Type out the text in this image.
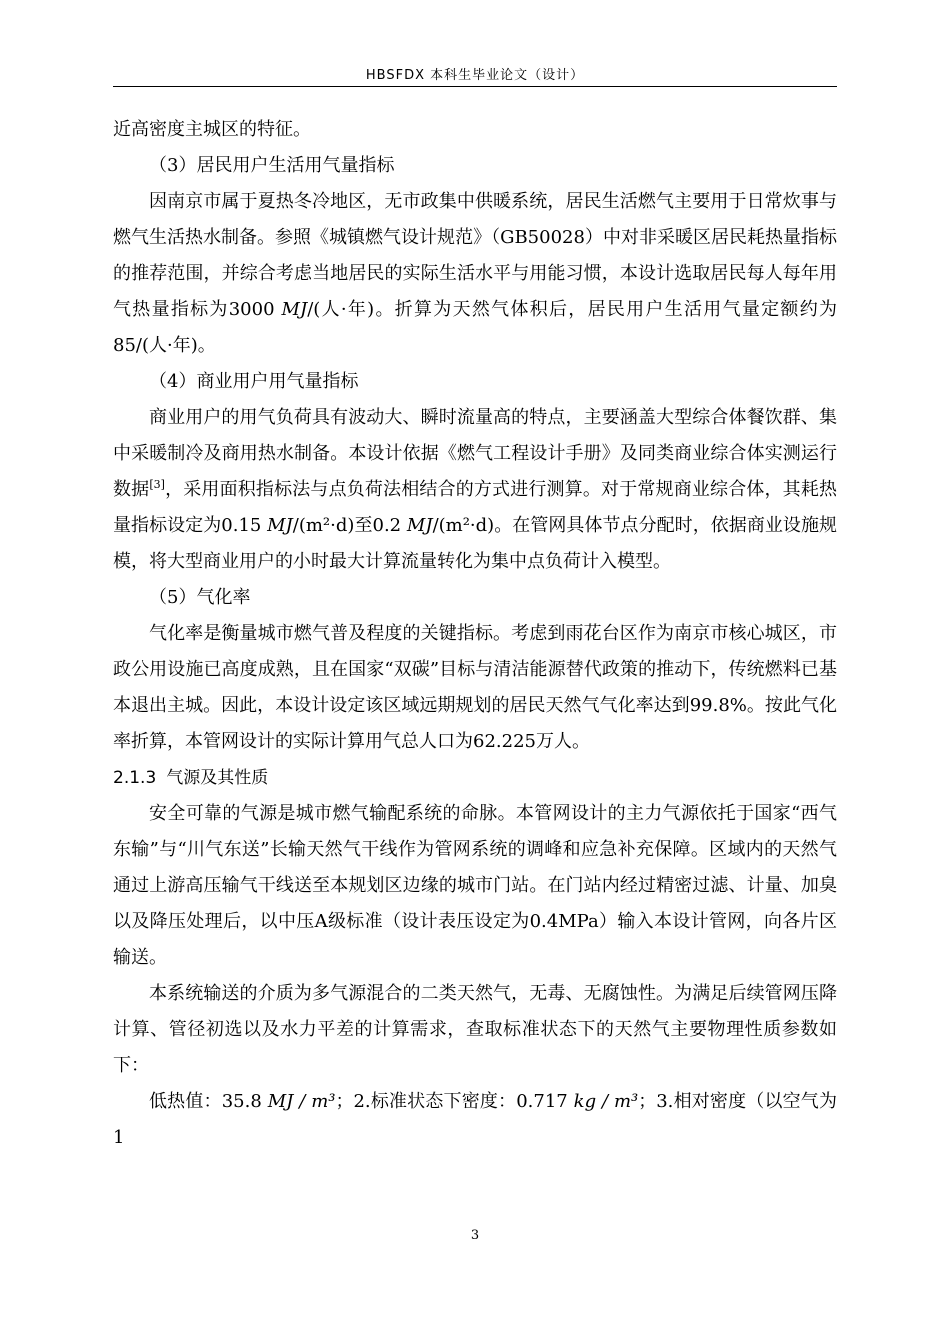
HBSFDX 本科生毕业论文（设计）

近高密度主城区的特征。

（3）居民用户生活用气量指标

因南京市属于夏热冬冷地区，无市政集中供暖系统，居民生活燃气主要用于日常炊事与燃气生活热水制备。参照《城镇燃气设计规范》（GB50028）中对非采暖区居民耗热量指标的推荐范围，并综合考虑当地居民的实际生活水平与用能习惯，本设计选取居民每人每年用气热量指标为3000 MJ/(人·年)。折算为天然气体积后，居民用户生活用气量定额约为85/(人·年)。

（4）商业用户用气量指标

商业用户的用气负荷具有波动大、瞬时流量高的特点，主要涵盖大型综合体餐饮群、集中采暖制冷及商用热水制备。本设计依据《燃气工程设计手册》及同类商业综合体实测运行数据[3]，采用面积指标法与点负荷法相结合的方式进行测算。对于常规商业综合体，其耗热量指标设定为0.15 MJ/(m²·d)至0.2 MJ/(m²·d)。在管网具体节点分配时，依据商业设施规模，将大型商业用户的小时最大计算流量转化为集中点负荷计入模型。

（5）气化率

气化率是衡量城市燃气普及程度的关键指标。考虑到雨花台区作为南京市核心城区，市政公用设施已高度成熟，且在国家“双碳”目标与清洁能源替代政策的推动下，传统燃料已基本退出主城。因此，本设计设定该区域远期规划的居民天然气气化率达到99.8%。按此气化率折算，本管网设计的实际计算用气总人口为62.225万人。

2.1.3 气源及其性质

安全可靠的气源是城市燃气输配系统的命脉。本管网设计的主力气源依托于国家“西气东输”与“川气东送”长输天然气干线作为管网系统的调峰和应急补充保障。区域内的天然气通过上游高压输气干线送至本规划区边缘的城市门站。在门站内经过精密过滤、计量、加臭以及降压处理后，以中压A级标准（设计表压设定为0.4MPa）输入本设计管网，向各片区输送。

本系统输送的介质为多气源混合的二类天然气，无毒、无腐蚀性。为满足后续管网压降计算、管径初选以及水力平差的计算需求，查取标准状态下的天然气主要物理性质参数如下：

低热值：35.8 MJ / m³；2.标准状态下密度：0.717 kg / m³；3.相对密度（以空气为1

3
